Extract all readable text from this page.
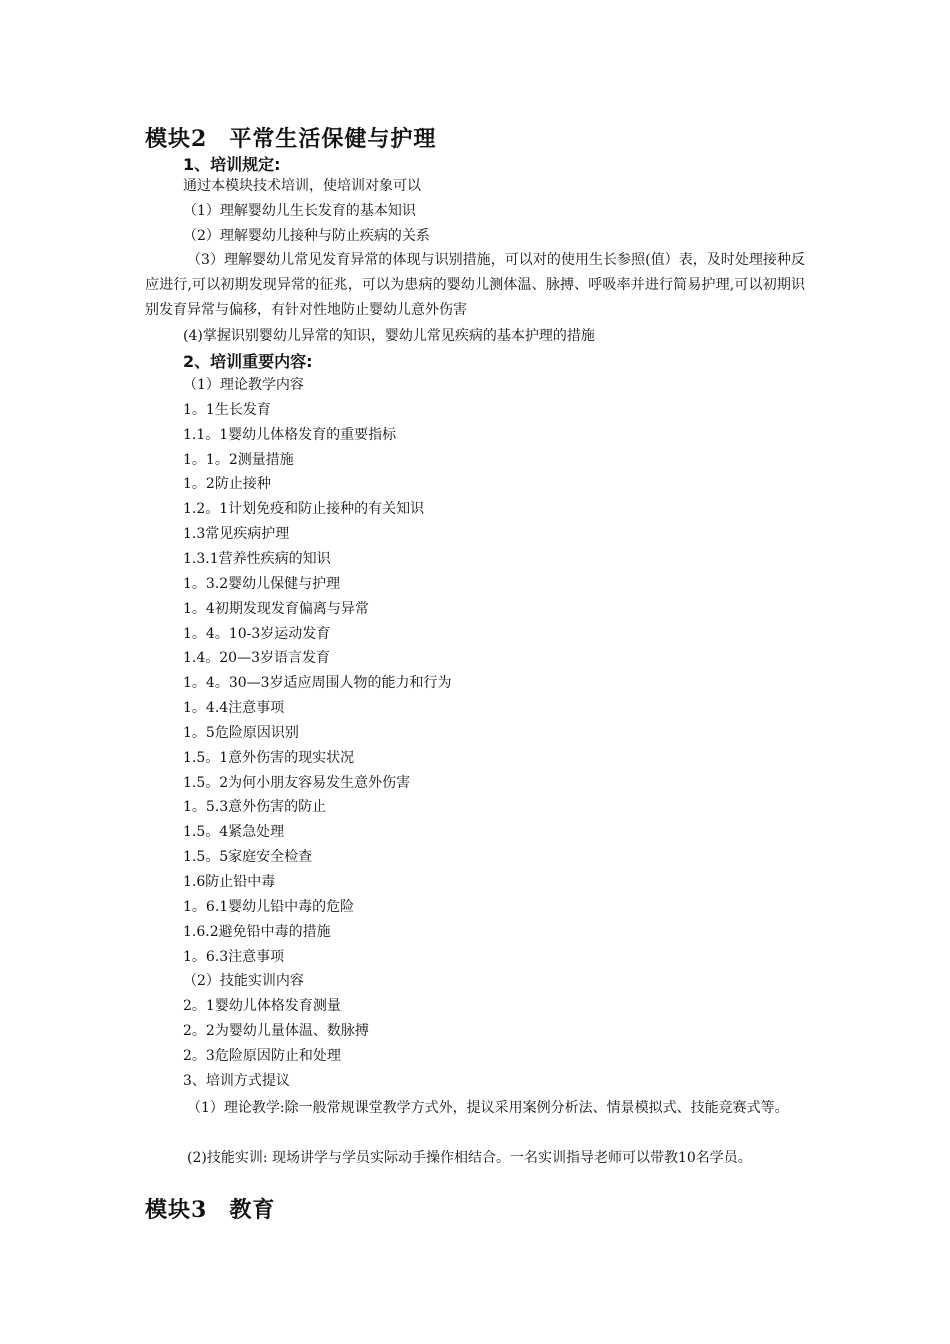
模块2 平常生活保健与护理
1、培训规定:
通过本模块技术培训，使培训对象可以
（1）理解婴幼儿生长发育的基本知识
（2）理解婴幼儿接种与防止疾病的关系
（3）理解婴幼儿常见发育异常的体现与识别措施，可以对的使用生长参照(值）表，及时处理接种反应进行,可以初期发现异常的征兆，可以为患病的婴幼儿测体温、脉搏、呼吸率并进行简易护理,可以初期识别发育异常与偏移，有针对性地防止婴幼儿意外伤害
(4)掌握识别婴幼儿异常的知识，婴幼儿常见疾病的基本护理的措施
2、培训重要内容:
（1）理论教学内容
1。1生长发育
1.1。1婴幼儿体格发育的重要指标
1。1。2测量措施
1。2防止接种
1.2。1计划免疫和防止接种的有关知识
1.3常见疾病护理
1.3.1营养性疾病的知识
1。3.2婴幼儿保健与护理
1。4初期发现发育偏离与异常
1。4。10-3岁运动发育
1.4。20—3岁语言发育
1。4。30—3岁适应周围人物的能力和行为
1。4.4注意事项
1。5危险原因识别
1.5。1意外伤害的现实状况
1.5。2为何小朋友容易发生意外伤害
1。5.3意外伤害的防止
1.5。4紧急处理
1.5。5家庭安全检查
1.6防止铅中毒
1。6.1婴幼儿铅中毒的危险
1.6.2避免铅中毒的措施
1。6.3注意事项
（2）技能实训内容
2。1婴幼儿体格发育测量
2。2为婴幼儿量体温、数脉搏
2。3危险原因防止和处理
3、培训方式提议
（1）理论教学:除一般常规课堂教学方式外，提议采用案例分析法、情景模拟式、技能竞赛式等。
(2)技能实训: 现场讲学与学员实际动手操作相结合。一名实训指导老师可以带教10名学员。
模块3 教育
